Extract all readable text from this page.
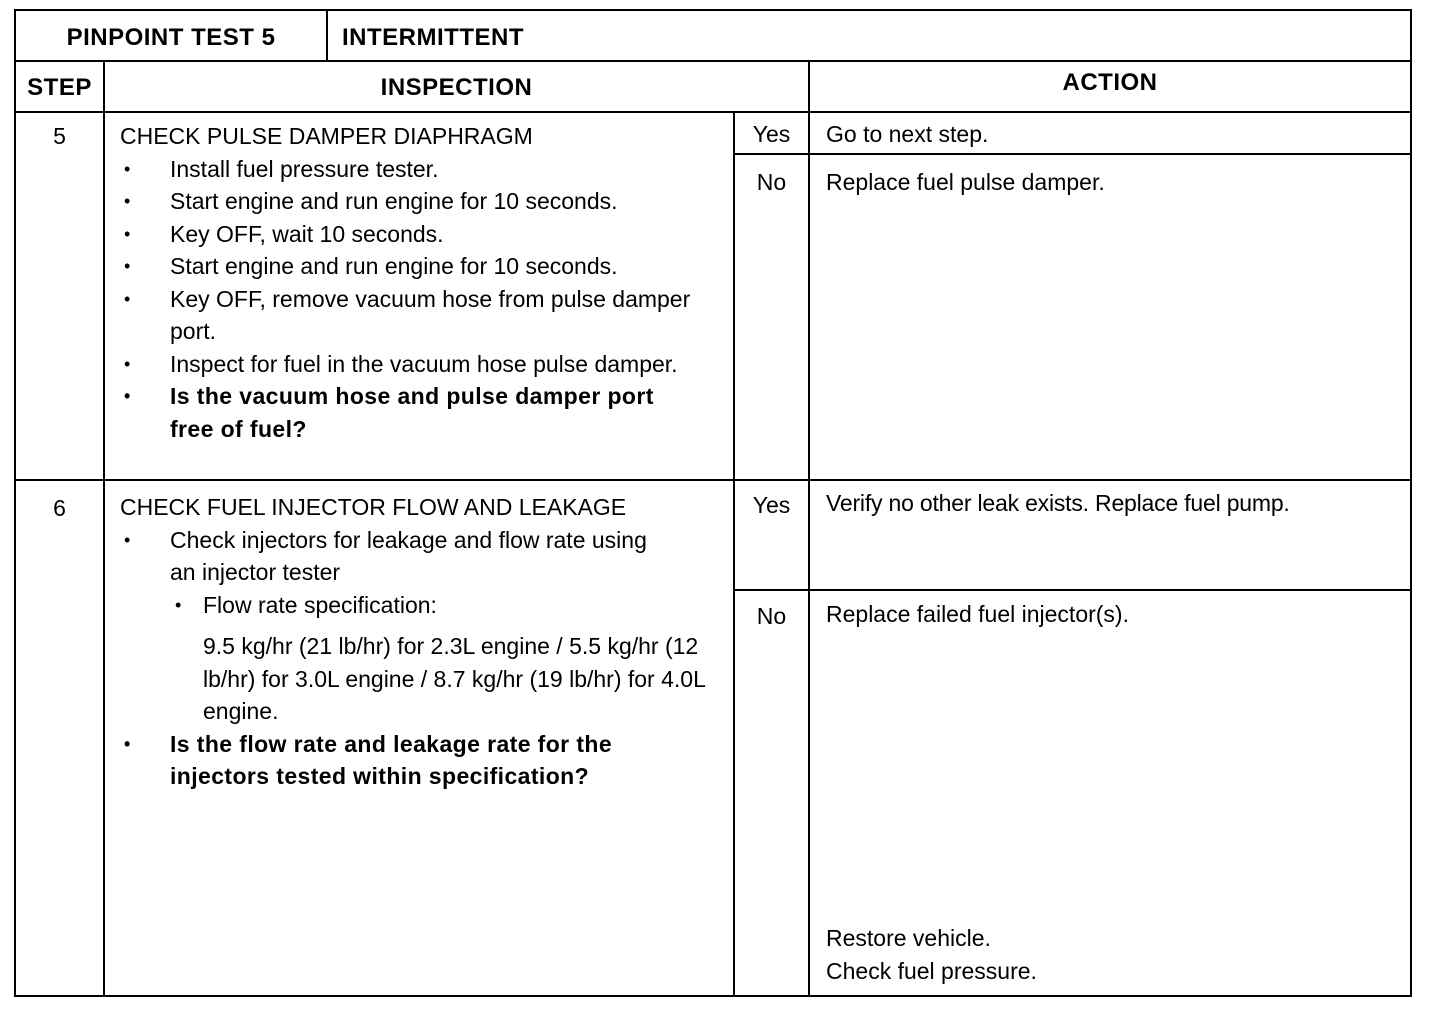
PINPOINT TEST 5	INTERMITTENT
STEP	INSPECTION	ACTION
5	CHECK PULSE DAMPER DIAPHRAGM
• Install fuel pressure tester.
• Start engine and run engine for 10 seconds.
• Key OFF, wait 10 seconds.
• Start engine and run engine for 10 seconds.
• Key OFF, remove vacuum hose from pulse damper port.
• Inspect for fuel in the vacuum hose pulse damper.
• Is the vacuum hose and pulse damper port free of fuel?
Yes	Go to next step.
No	Replace fuel pulse damper.
6	CHECK FUEL INJECTOR FLOW AND LEAKAGE
• Check injectors for leakage and flow rate using an injector tester
• Flow rate specification:
9.5 kg/hr (21 lb/hr) for 2.3L engine / 5.5 kg/hr (12 lb/hr) for 3.0L engine / 8.7 kg/hr (19 lb/hr) for 4.0L engine.
• Is the flow rate and leakage rate for the injectors tested within specification?
Yes	Verify no other leak exists. Replace fuel pump.
No	Replace failed fuel injector(s).
Restore vehicle.
Check fuel pressure.
